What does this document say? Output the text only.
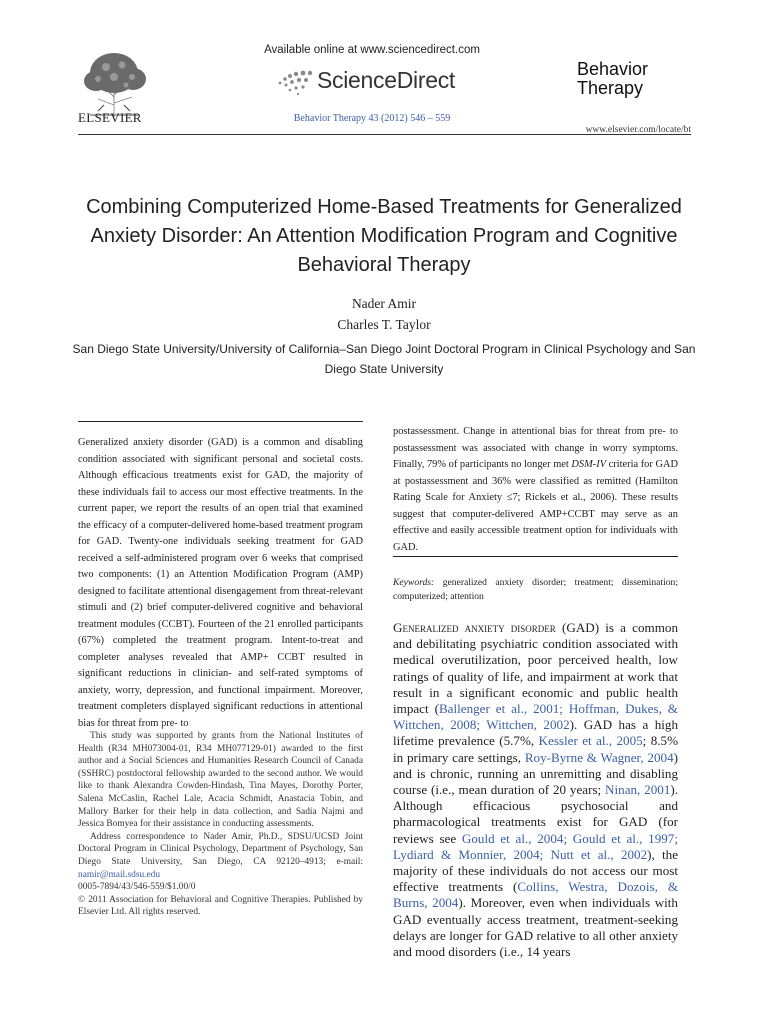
ELSEVIER
Available online at www.sciencedirect.com
ScienceDirect
Behavior Therapy 43 (2012) 546 – 559
Behavior Therapy
www.elsevier.com/locate/bt
Combining Computerized Home-Based Treatments for Generalized Anxiety Disorder: An Attention Modification Program and Cognitive Behavioral Therapy
Nader Amir
Charles T. Taylor
San Diego State University/University of California–San Diego Joint Doctoral Program in Clinical Psychology and San Diego State University
Generalized anxiety disorder (GAD) is a common and disabling condition associated with significant personal and societal costs. Although efficacious treatments exist for GAD, the majority of these individuals fail to access our most effective treatments. In the current paper, we report the results of an open trial that examined the efficacy of a computer-delivered home-based treatment program for GAD. Twenty-one individuals seeking treatment for GAD received a self-administered program over 6 weeks that comprised two components: (1) an Attention Modification Program (AMP) designed to facilitate attentional disengagement from threat-relevant stimuli and (2) brief computer-delivered cognitive and behavioral treatment modules (CCBT). Fourteen of the 21 enrolled participants (67%) completed the treatment program. Intent-to-treat and completer analyses revealed that AMP+ CCBT resulted in significant reductions in clinician- and self-rated symptoms of anxiety, worry, depression, and functional impairment. Moreover, treatment completers displayed significant reductions in attentional bias for threat from pre- to
postassessment. Change in attentional bias for threat from pre- to postassessment was associated with change in worry symptoms. Finally, 79% of participants no longer met DSM-IV criteria for GAD at postassessment and 36% were classified as remitted (Hamilton Rating Scale for Anxiety ≤7; Rickels et al., 2006). These results suggest that computer-delivered AMP+CCBT may serve as an effective and easily accessible treatment option for individuals with GAD.
Keywords: generalized anxiety disorder; treatment; dissemination; computerized; attention

This study was supported by grants from the National Institutes of Health (R34 MH073004-01, R34 MH077129-01) awarded to the first author and a Social Sciences and Humanities Research Council of Canada (SSHRC) postdoctoral fellowship awarded to the second author. We would like to thank Alexandra Cowden-Hindash, Tina Mayes, Dorothy Porter, Salena McCaslin, Rachel Lale, Acacia Schmidt, Anastacia Tobin, and Mallory Barker for their help in data collection, and Sadia Najmi and Jessica Bomyea for their assistance in conducting assessments.

Address correspondence to Nader Amir, Ph.D., SDSU/UCSD Joint Doctoral Program in Clinical Psychology, Department of Psychology, San Diego State University, San Diego, CA 92120–4913; e-mail: namir@mail.sdsu.edu

0005-7894/43/546-559/$1.00/0

© 2011 Association for Behavioral and Cognitive Therapies. Published by Elsevier Ltd. All rights reserved.

Generalized anxiety disorder (GAD) is a common and debilitating psychiatric condition associated with medical overutilization, poor perceived health, low ratings of quality of life, and impairment at work that result in a significant economic and public health impact (Ballenger et al., 2001; Hoffman, Dukes, & Wittchen, 2008; Wittchen, 2002). GAD has a high lifetime prevalence (5.7%, Kessler et al., 2005; 8.5% in primary care settings, Roy-Byrne & Wagner, 2004) and is chronic, running an unremitting and disabling course (i.e., mean duration of 20 years; Ninan, 2001). Although efficacious psychosocial and pharmacological treatments exist for GAD (for reviews see Gould et al., 2004; Gould et al., 1997; Lydiard & Monnier, 2004; Nutt et al., 2002), the majority of these individuals do not access our most effective treatments (Collins, Westra, Dozois, & Burns, 2004). Moreover, even when individuals with GAD eventually access treatment, treatment-seeking delays are longer for GAD relative to all other anxiety and mood disorders (i.e., 14 years
